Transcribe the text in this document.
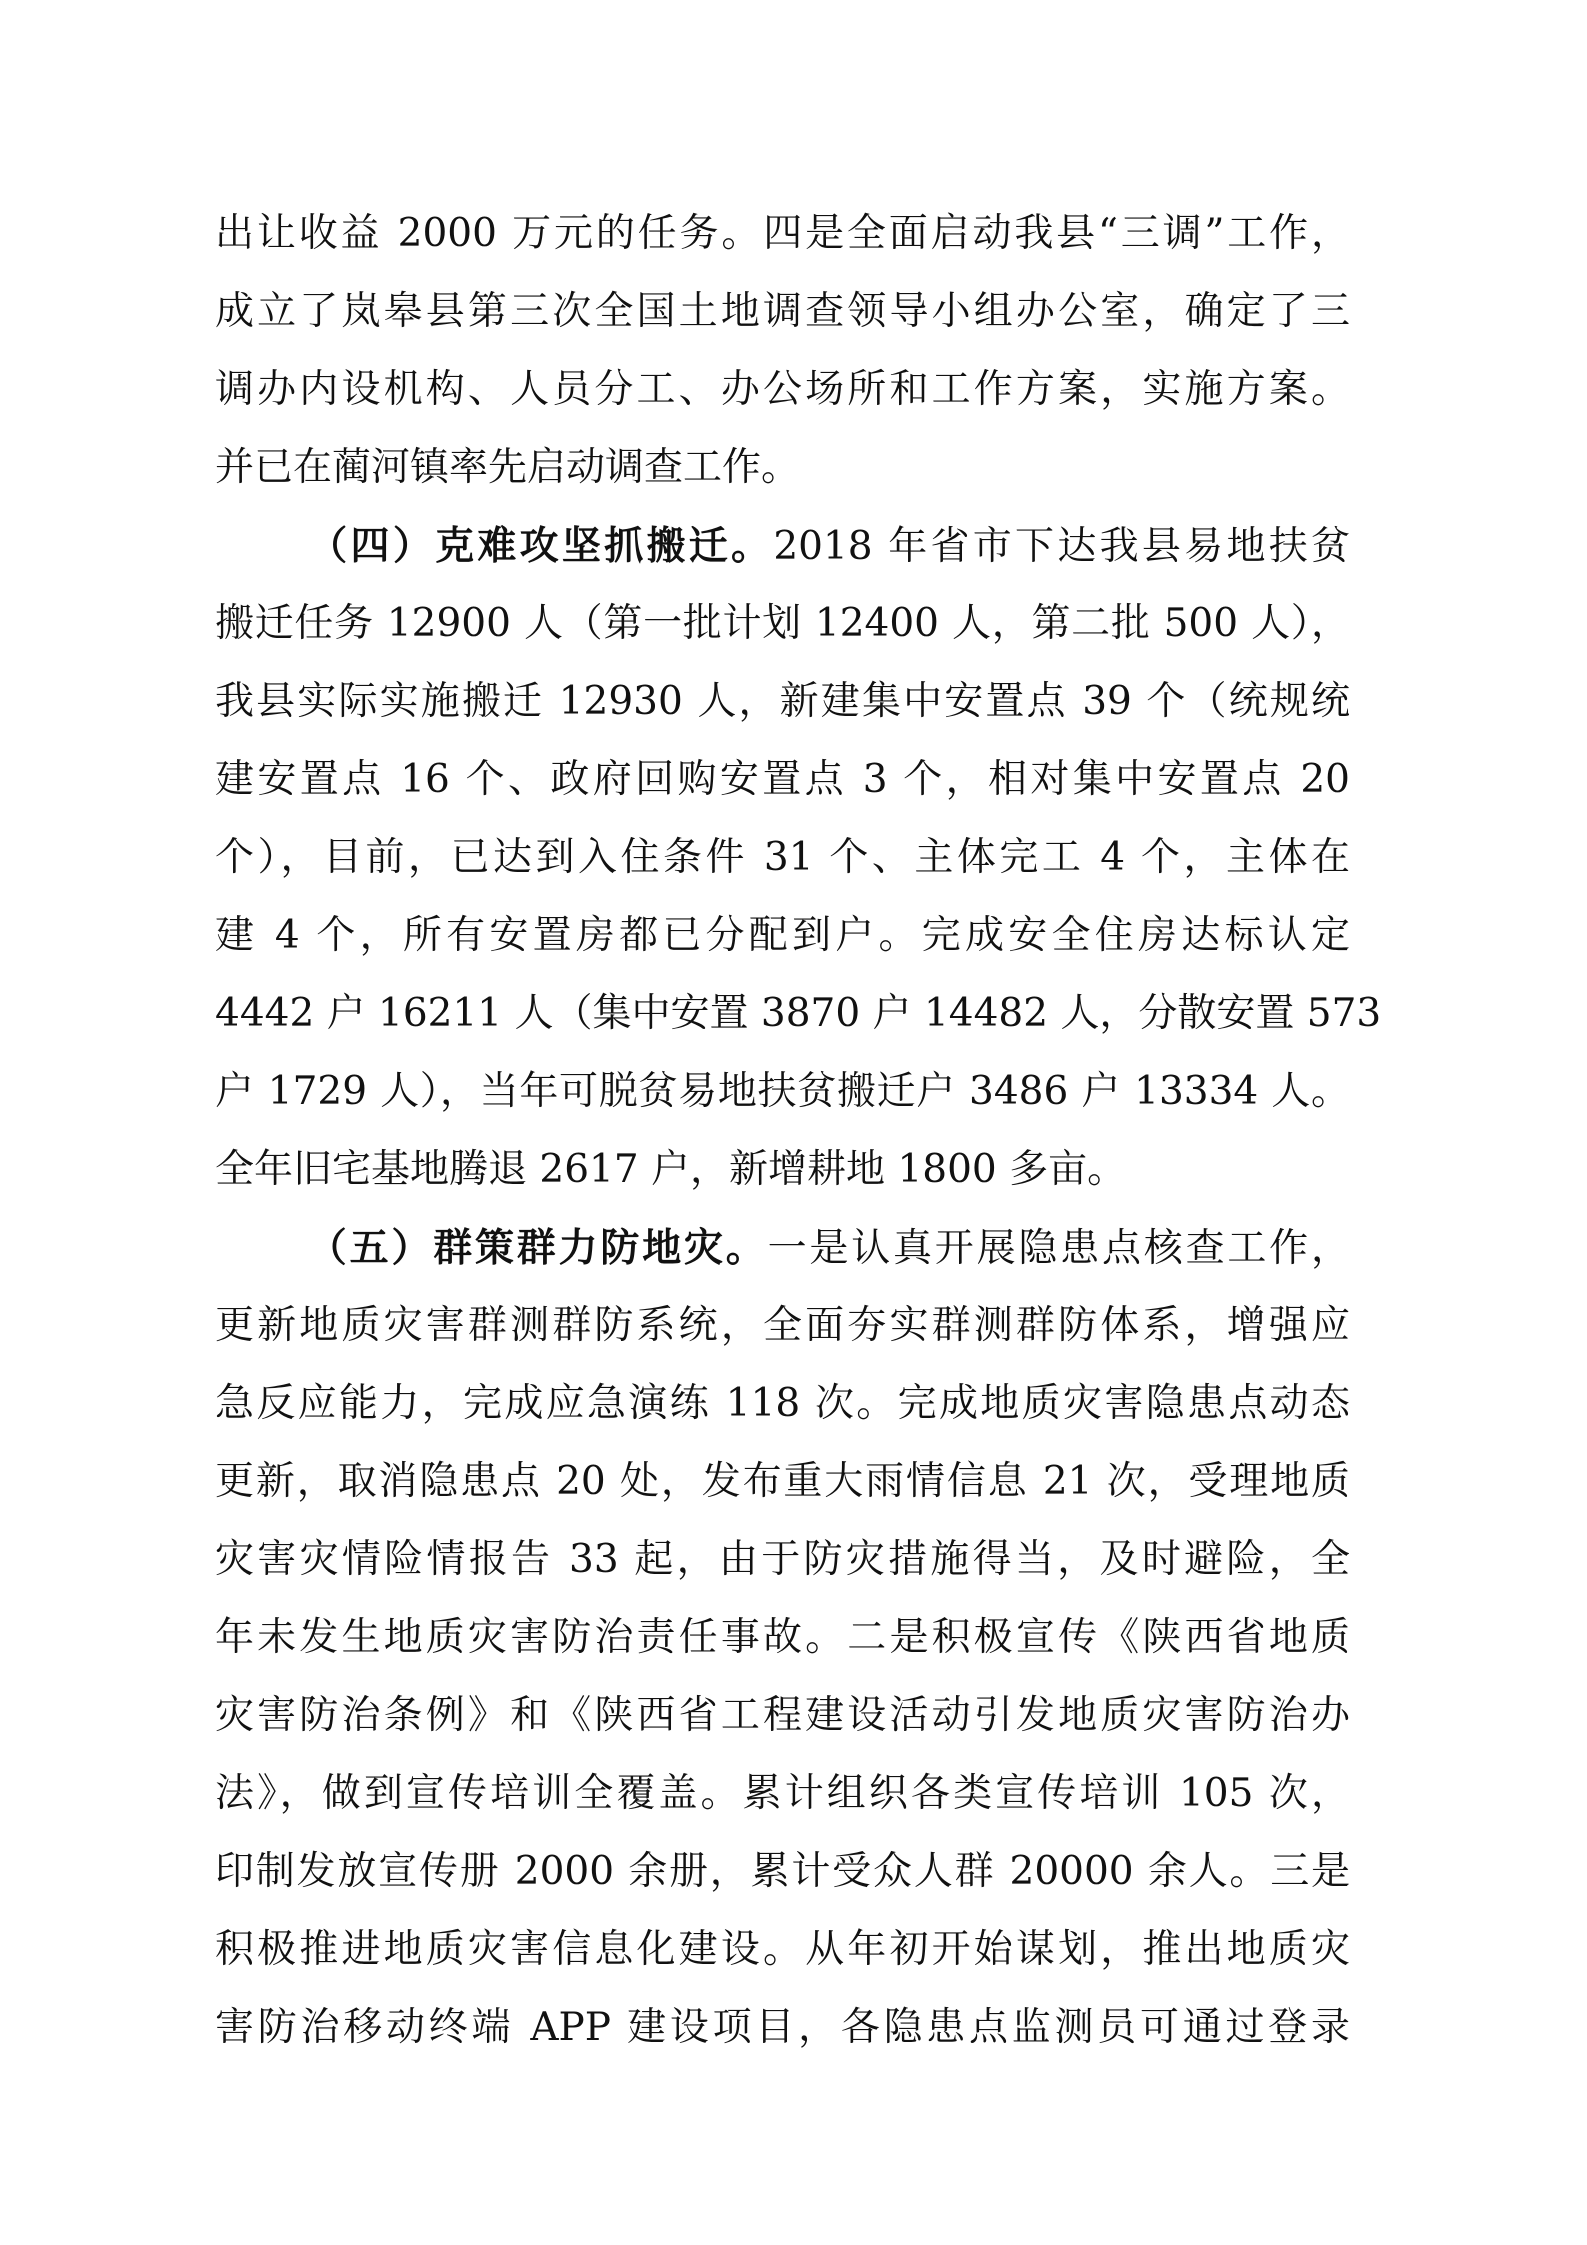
出让收益 2000 万元的任务。四是全面启动我县“三调”工作，
成立了岚皋县第三次全国土地调查领导小组办公室，确定了三
调办内设机构、人员分工、办公场所和工作方案，实施方案。
并已在蔺河镇率先启动调查工作。
（四）克难攻坚抓搬迁。2018 年省市下达我县易地扶贫
搬迁任务 12900 人（第一批计划 12400 人，第二批 500 人），
我县实际实施搬迁 12930 人，新建集中安置点 39 个（统规统
建安置点 16 个、政府回购安置点 3 个，相对集中安置点 20
个），目前，已达到入住条件 31 个、主体完工 4 个，主体在
建 4 个，所有安置房都已分配到户。完成安全住房达标认定
4442 户 16211 人（集中安置 3870 户 14482 人，分散安置 573
户 1729 人），当年可脱贫易地扶贫搬迁户 3486 户 13334 人。
全年旧宅基地腾退 2617 户，新增耕地 1800 多亩。
（五）群策群力防地灾。一是认真开展隐患点核查工作，
更新地质灾害群测群防系统，全面夯实群测群防体系，增强应
急反应能力，完成应急演练 118 次。完成地质灾害隐患点动态
更新，取消隐患点 20 处，发布重大雨情信息 21 次，受理地质
灾害灾情险情报告 33 起，由于防灾措施得当，及时避险，全
年未发生地质灾害防治责任事故。二是积极宣传《陕西省地质
灾害防治条例》和《陕西省工程建设活动引发地质灾害防治办
法》，做到宣传培训全覆盖。累计组织各类宣传培训 105 次，
印制发放宣传册 2000 余册，累计受众人群 20000 余人。三是
积极推进地质灾害信息化建设。从年初开始谋划，推出地质灾
害防治移动终端 APP 建设项目，各隐患点监测员可通过登录
